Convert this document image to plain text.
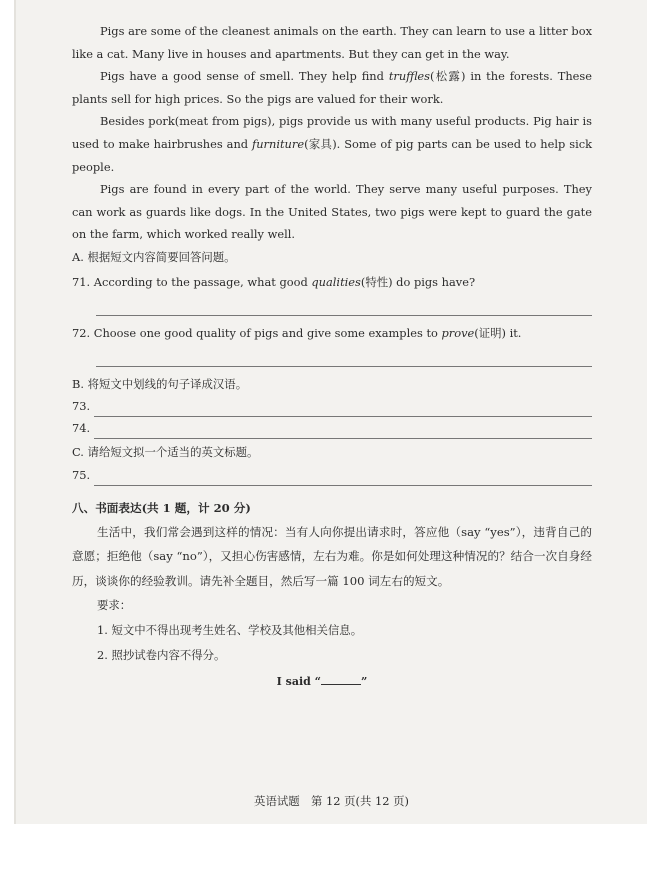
Pigs are some of the cleanest animals on the earth. They can learn to use a litter box like a cat. Many live in houses and apartments. But they can get in the way.

Pigs have a good sense of smell. They help find truffles(松露) in the forests. These plants sell for high prices. So the pigs are valued for their work.

Besides pork(meat from pigs), pigs provide us with many useful products. Pig hair is used to make hairbrushes and furniture(家具). Some of pig parts can be used to help sick people.

Pigs are found in every part of the world. They serve many useful purposes. They can work as guards like dogs. In the United States, two pigs were kept to guard the gate on the farm, which worked really well.

A. 根据短文内容简要回答问题。

71. According to the passage, what good qualities(特性) do pigs have?

72. Choose one good quality of pigs and give some examples to prove(证明) it.

B. 将短文中划线的句子译成汉语。

73.
74.

C. 请给短文拟一个适当的英文标题。

75.

八、书面表达(共 1 题，计 20 分)

生活中，我们常会遇到这样的情况：当有人向你提出请求时，答应他（say “yes”），违背自己的意愿；拒绝他（say “no”），又担心伤害感情，左右为难。你是如何处理这种情况的？结合一次自身经历，谈谈你的经验教训。请先补全题目，然后写一篇 100 词左右的短文。

要求：

1. 短文中不得出现考生姓名、学校及其他相关信息。

2. 照抄试卷内容不得分。

I said “	”

英语试题　第 12 页(共 12 页)
